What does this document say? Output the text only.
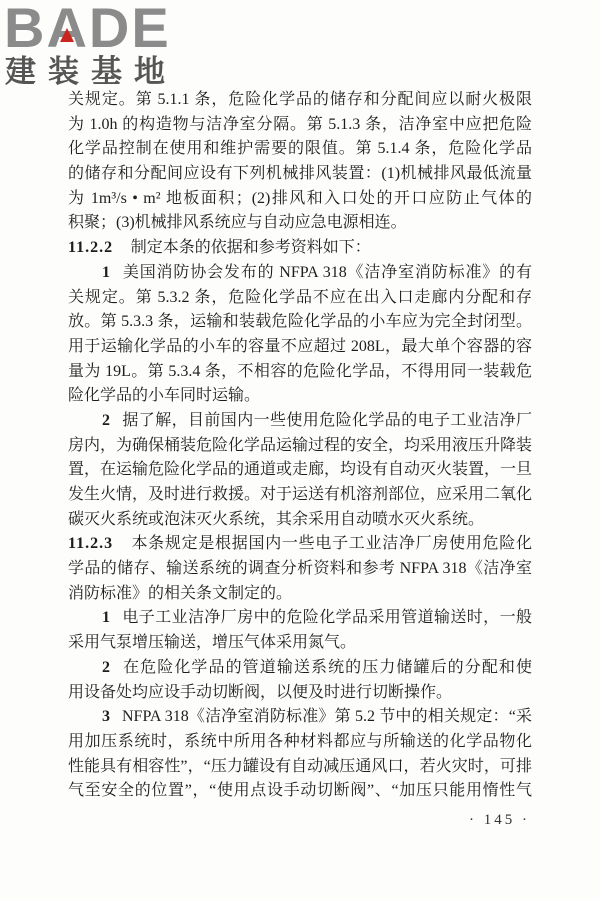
BADE
建装基地
关规定。第 5.1.1 条，危险化学品的储存和分配间应以耐火极限
为 1.0h 的构造物与洁净室分隔。第 5.1.3 条，洁净室中应把危险
化学品控制在使用和维护需要的限值。第 5.1.4 条，危险化学品
的储存和分配间应设有下列机械排风装置：(1)机械排风最低流量
为 1m³/s • m² 地板面积；(2)排风和入口处的开口应防止气体的
积聚；(3)机械排风系统应与自动应急电源相连。
11.2.2 制定本条的依据和参考资料如下：
1 美国消防协会发布的 NFPA 318《洁净室消防标准》的有
关规定。第 5.3.2 条，危险化学品不应在出入口走廊内分配和存
放。第 5.3.3 条，运输和装载危险化学品的小车应为完全封闭型。
用于运输化学品的小车的容量不应超过 208L，最大单个容器的容
量为 19L。第 5.3.4 条，不相容的危险化学品，不得用同一装载危
险化学品的小车同时运输。
2 据了解，目前国内一些使用危险化学品的电子工业洁净厂
房内，为确保桶装危险化学品运输过程的安全，均采用液压升降装
置，在运输危险化学品的通道或走廊，均设有自动灭火装置，一旦
发生火情，及时进行救援。对于运送有机溶剂部位，应采用二氧化
碳灭火系统或泡沫灭火系统，其余采用自动喷水灭火系统。
11.2.3 本条规定是根据国内一些电子工业洁净厂房使用危险化
学品的储存、输送系统的调查分析资料和参考 NFPA 318《洁净室
消防标准》的相关条文制定的。
1 电子工业洁净厂房中的危险化学品采用管道输送时，一般
采用气泵增压输送，增压气体采用氮气。
2 在危险化学品的管道输送系统的压力储罐后的分配和使
用设备处均应设手动切断阀，以便及时进行切断操作。
3 NFPA 318《洁净室消防标准》第 5.2 节中的相关规定：“采
用加压系统时，系统中所用各种材料都应与所输送的化学品物化
性能具有相容性”，“压力罐设有自动减压通风口，若火灾时，可排
气至安全的位置”，“使用点设手动切断阀”、“加压只能用惰性气
· 145 ·
